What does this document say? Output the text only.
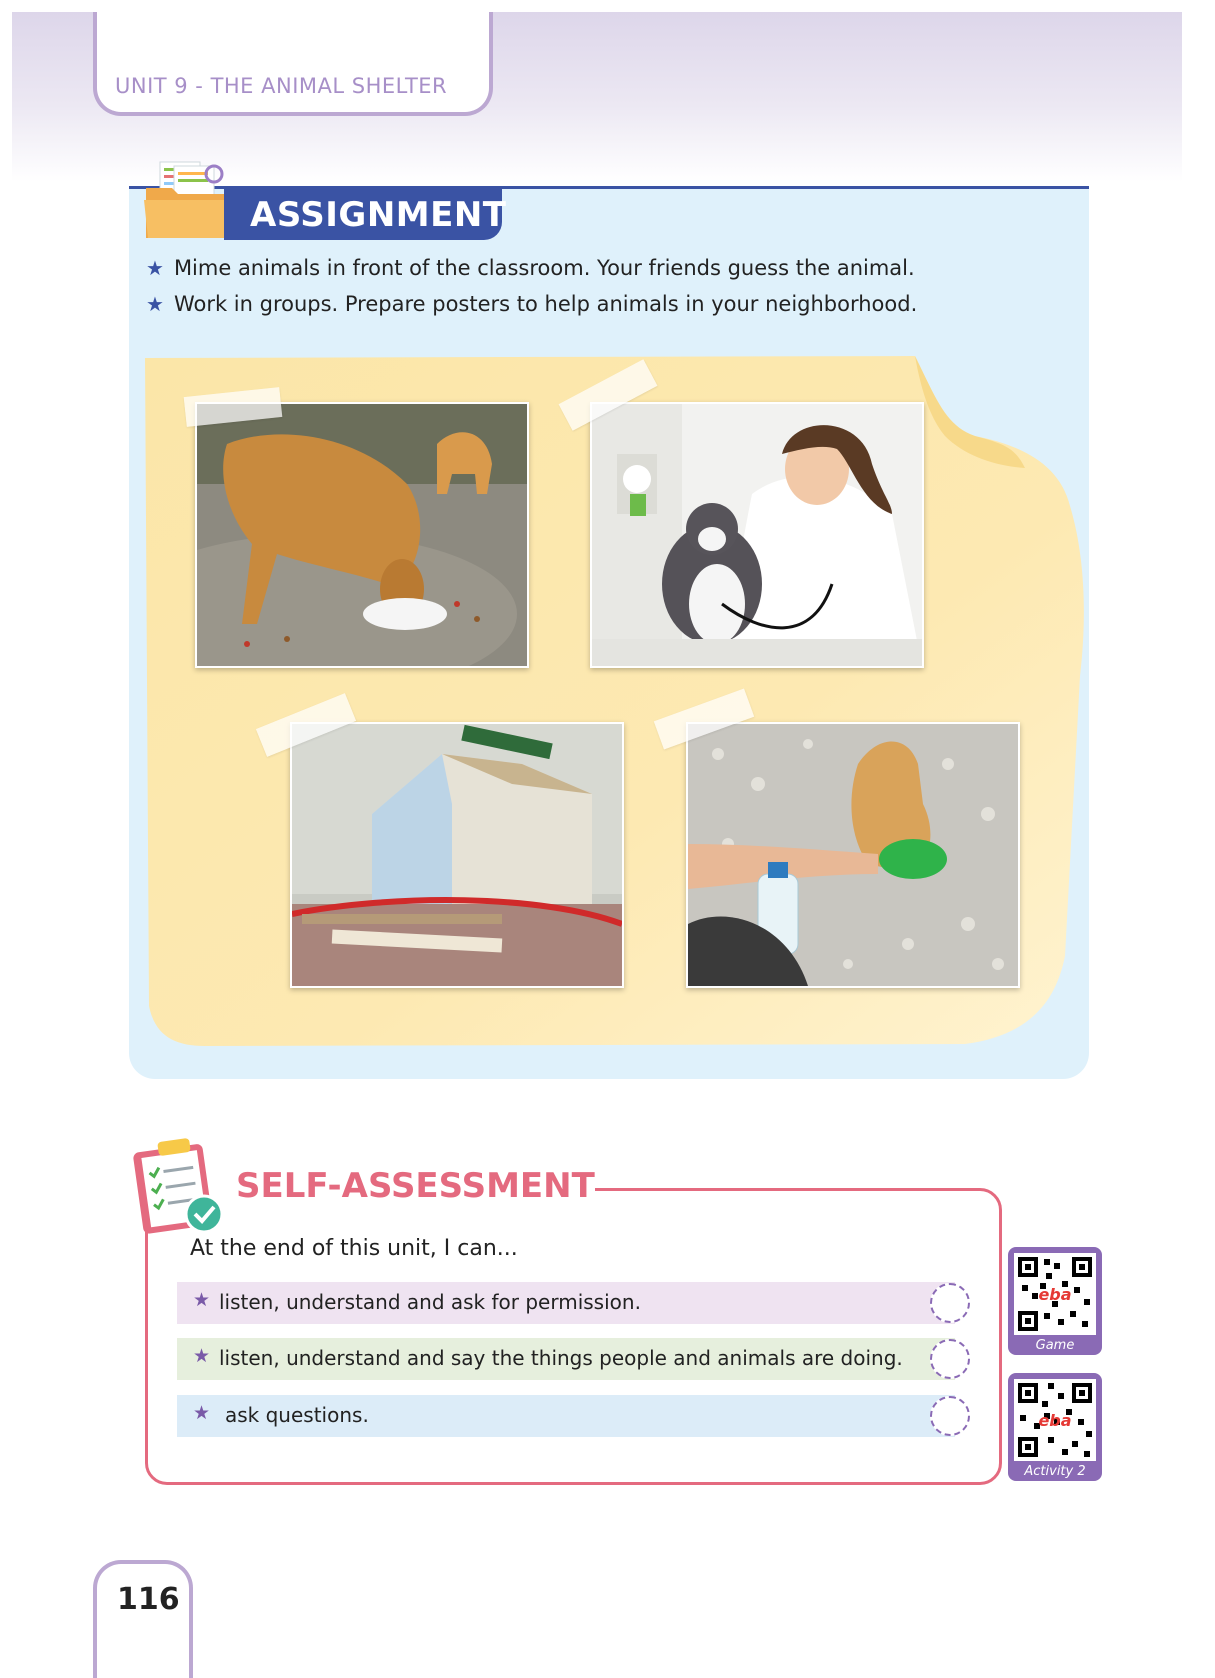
UNIT 9 - THE ANIMAL SHELTER
ASSIGNMENT
★ Mime animals in front of the classroom. Your friends guess the animal.
★ Work in groups. Prepare posters to help animals in your neighborhood.
SELF-ASSESSMENT
At the end of this unit, I can...
★ listen, understand and ask for permission.
★ listen, understand and say the things people and animals are doing.
★ ask questions.
eba
Game
eba
Activity 2
116
